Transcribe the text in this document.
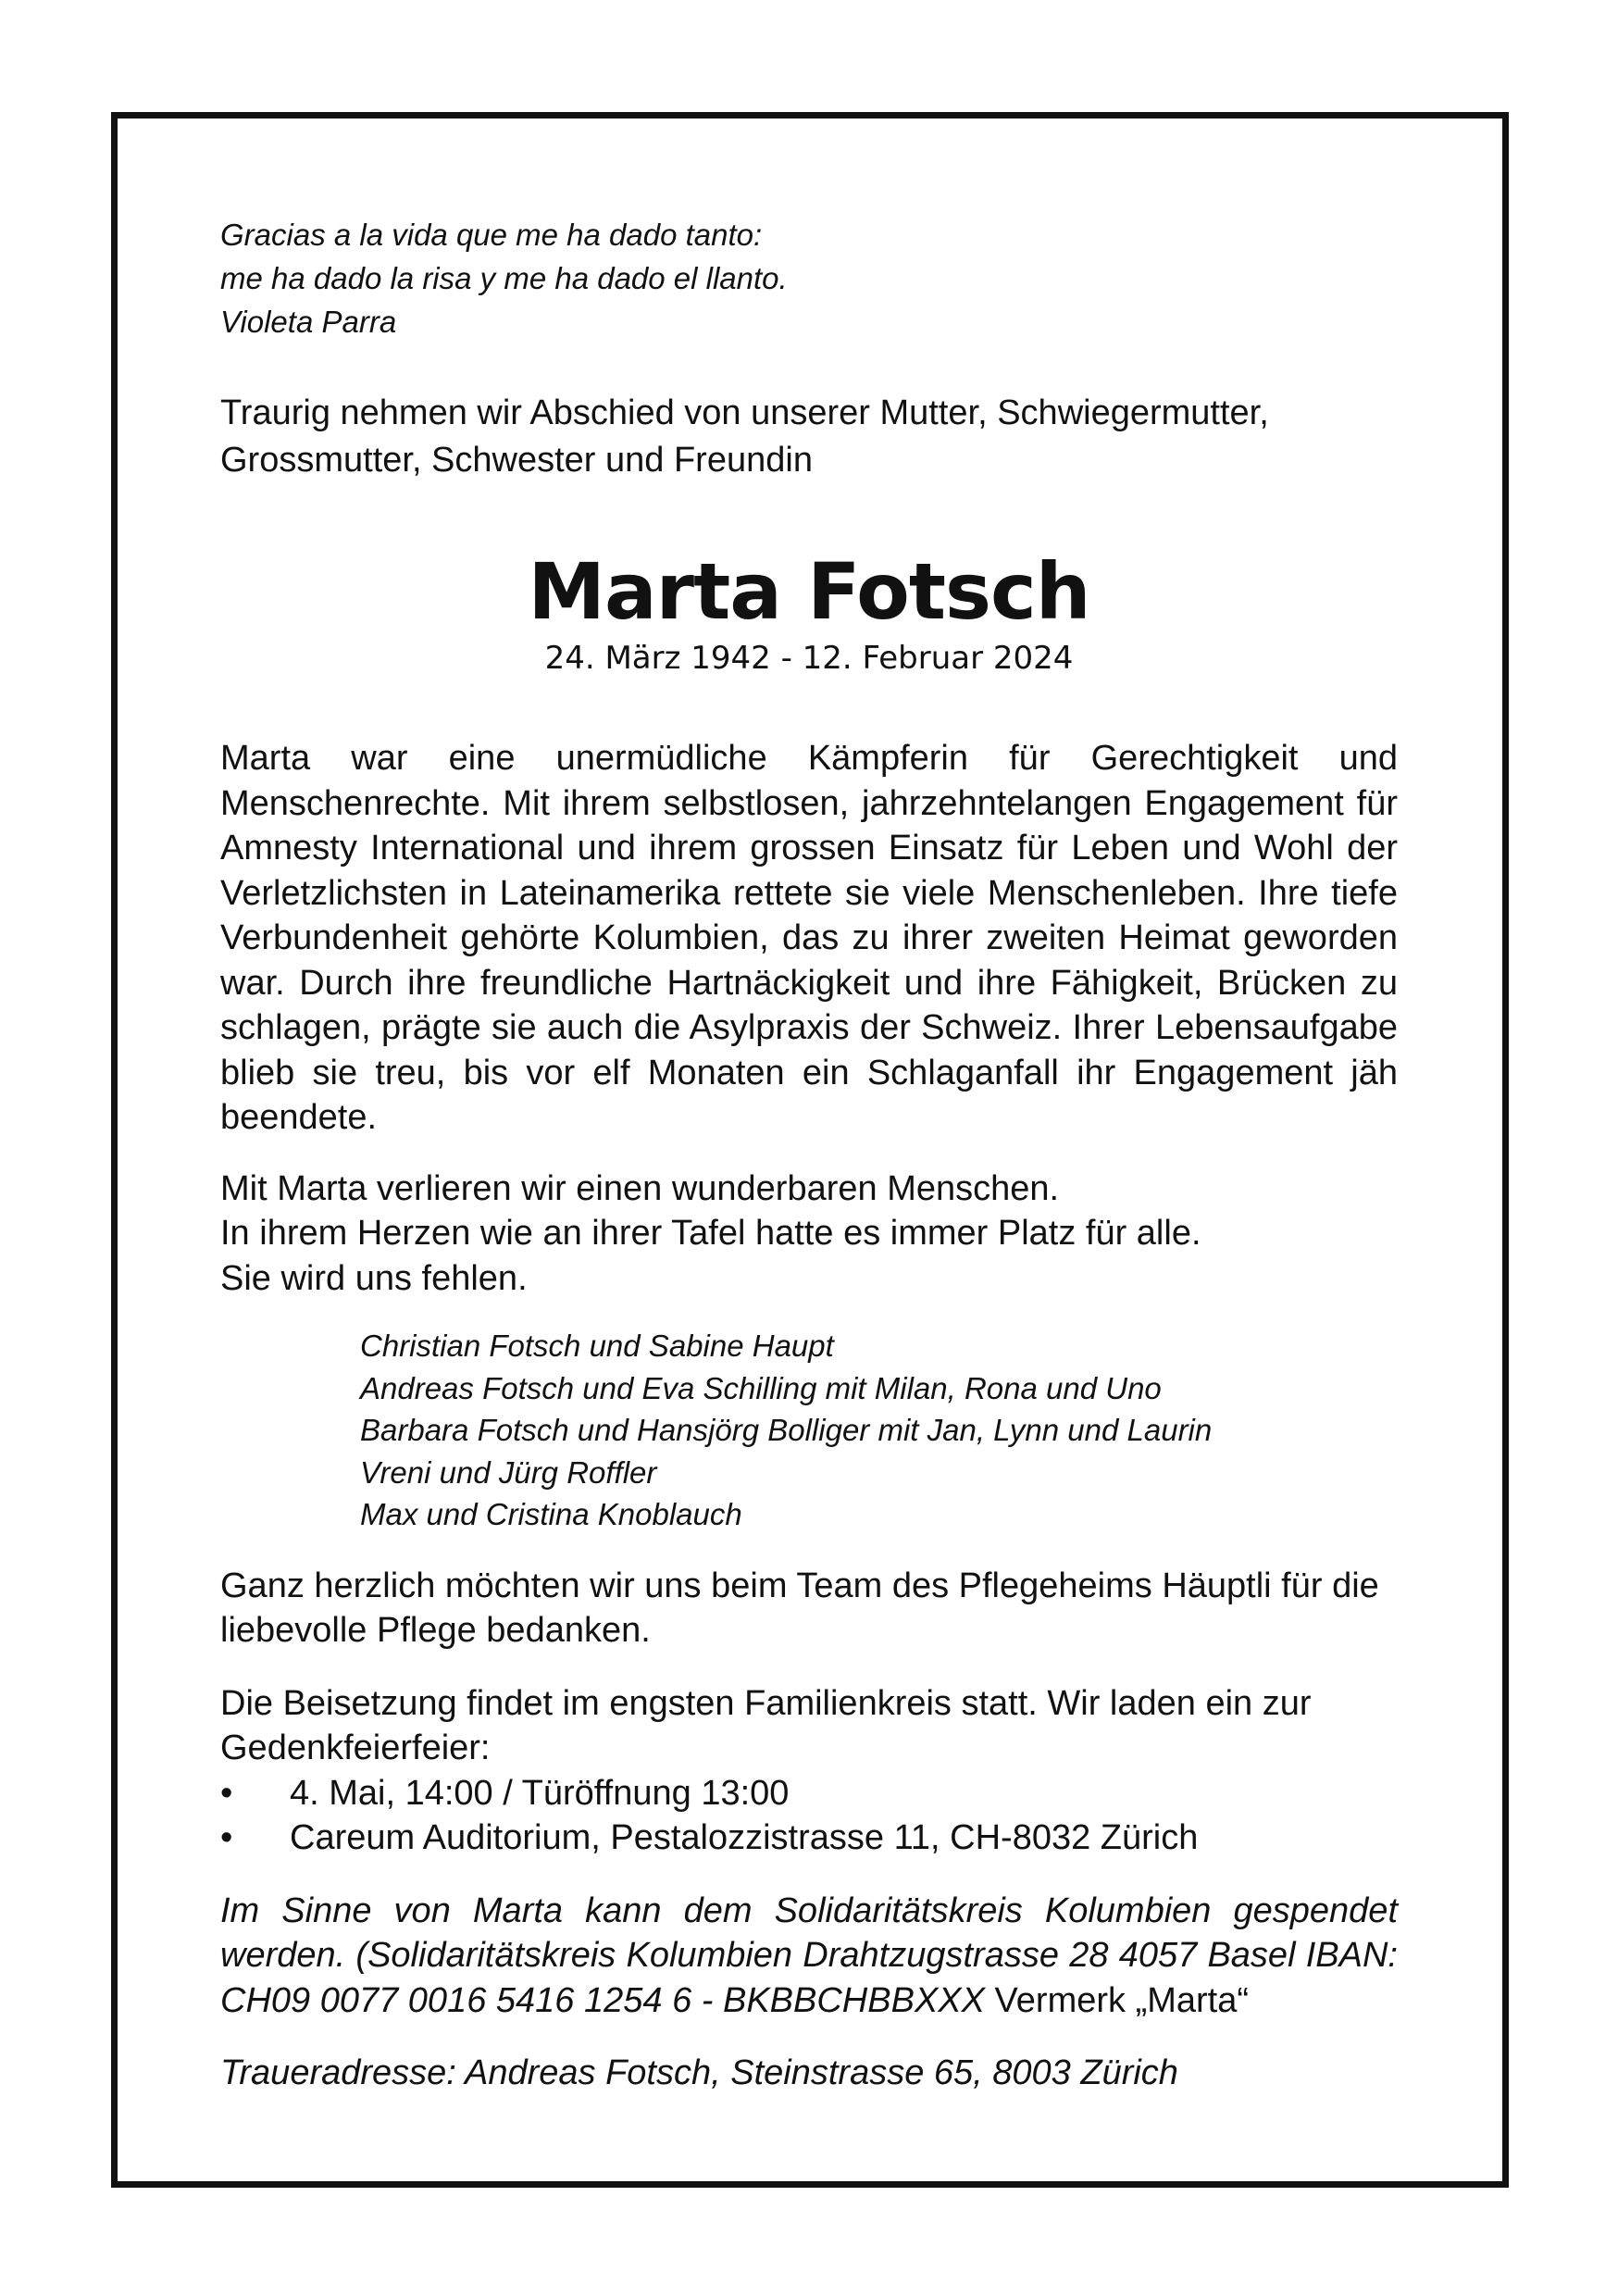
Gracias a la vida que me ha dado tanto:
me ha dado la risa y me ha dado el llanto.
Violeta Parra

Traurig nehmen wir Abschied von unserer Mutter, Schwiegermutter, Grossmutter, Schwester und Freundin

Marta Fotsch
24. März 1942 - 12. Februar 2024

Marta war eine unermüdliche Kämpferin für Gerechtigkeit und Menschenrechte. Mit ihrem selbstlosen, jahrzehntelangen Engagement für Amnesty International und ihrem grossen Einsatz für Leben und Wohl der Verletzlichsten in Lateinamerika rettete sie viele Menschenleben. Ihre tiefe Verbundenheit gehörte Kolumbien, das zu ihrer zweiten Heimat geworden war. Durch ihre freundliche Hartnäckigkeit und ihre Fähigkeit, Brücken zu schlagen, prägte sie auch die Asylpraxis der Schweiz. Ihrer Lebensaufgabe blieb sie treu, bis vor elf Monaten ein Schlaganfall ihr Engagement jäh beendete.

Mit Marta verlieren wir einen wunderbaren Menschen.
In ihrem Herzen wie an ihrer Tafel hatte es immer Platz für alle.
Sie wird uns fehlen.
Christian Fotsch und Sabine Haupt
Andreas Fotsch und Eva Schilling mit Milan, Rona und Uno
Barbara Fotsch und Hansjörg Bolliger mit Jan, Lynn und Laurin
Vreni und Jürg Roffler
Max und Cristina Knoblauch

Ganz herzlich möchten wir uns beim Team des Pflegeheims Häuptli für die liebevolle Pflege bedanken.

Die Beisetzung findet im engsten Familienkreis statt. Wir laden ein zur Gedenkfeierfeier:
• 4. Mai, 14:00 / Türöffnung 13:00
• Careum Auditorium, Pestalozzistrasse 11, CH-8032 Zürich

Im Sinne von Marta kann dem Solidaritätskreis Kolumbien gespendet werden. (Solidaritätskreis Kolumbien Drahtzugstrasse 28 4057 Basel IBAN: CH09 0077 0016 5416 1254 6 - BKBBCHBBXXX Vermerk „Marta“

Traueradresse: Andreas Fotsch, Steinstrasse 65, 8003 Zürich
